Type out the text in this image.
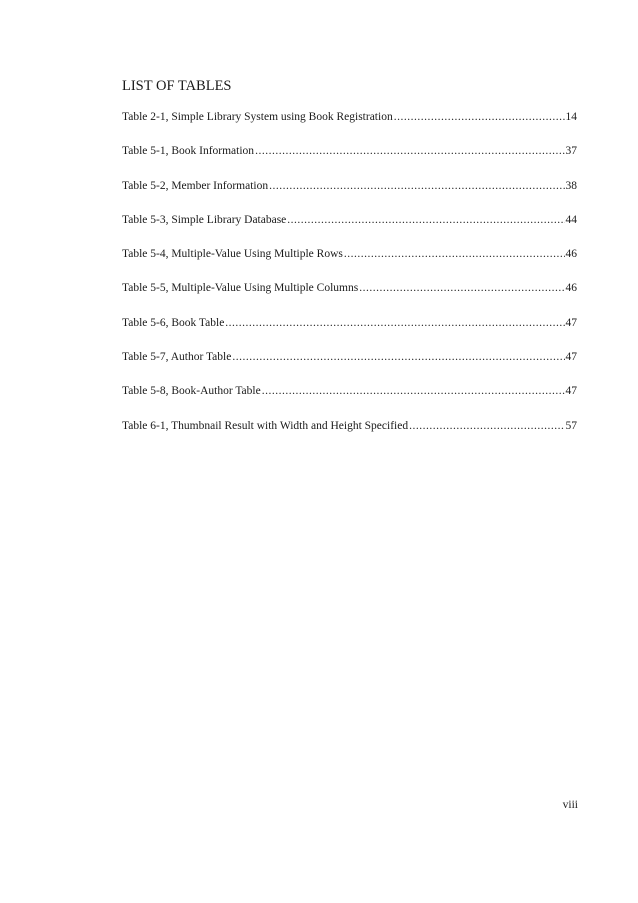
LIST OF TABLES
Table 2-1, Simple Library System using Book Registration .....	14
Table 5-1, Book Information .....	37
Table 5-2, Member Information .....	38
Table 5-3, Simple Library Database .....	44
Table 5-4, Multiple-Value Using Multiple Rows .....	46
Table 5-5, Multiple-Value Using Multiple Columns .....	46
Table 5-6, Book Table .....	47
Table 5-7, Author Table .....	47
Table 5-8, Book-Author Table .....	47
Table 6-1, Thumbnail Result with Width and Height Specified .....	57
viii
